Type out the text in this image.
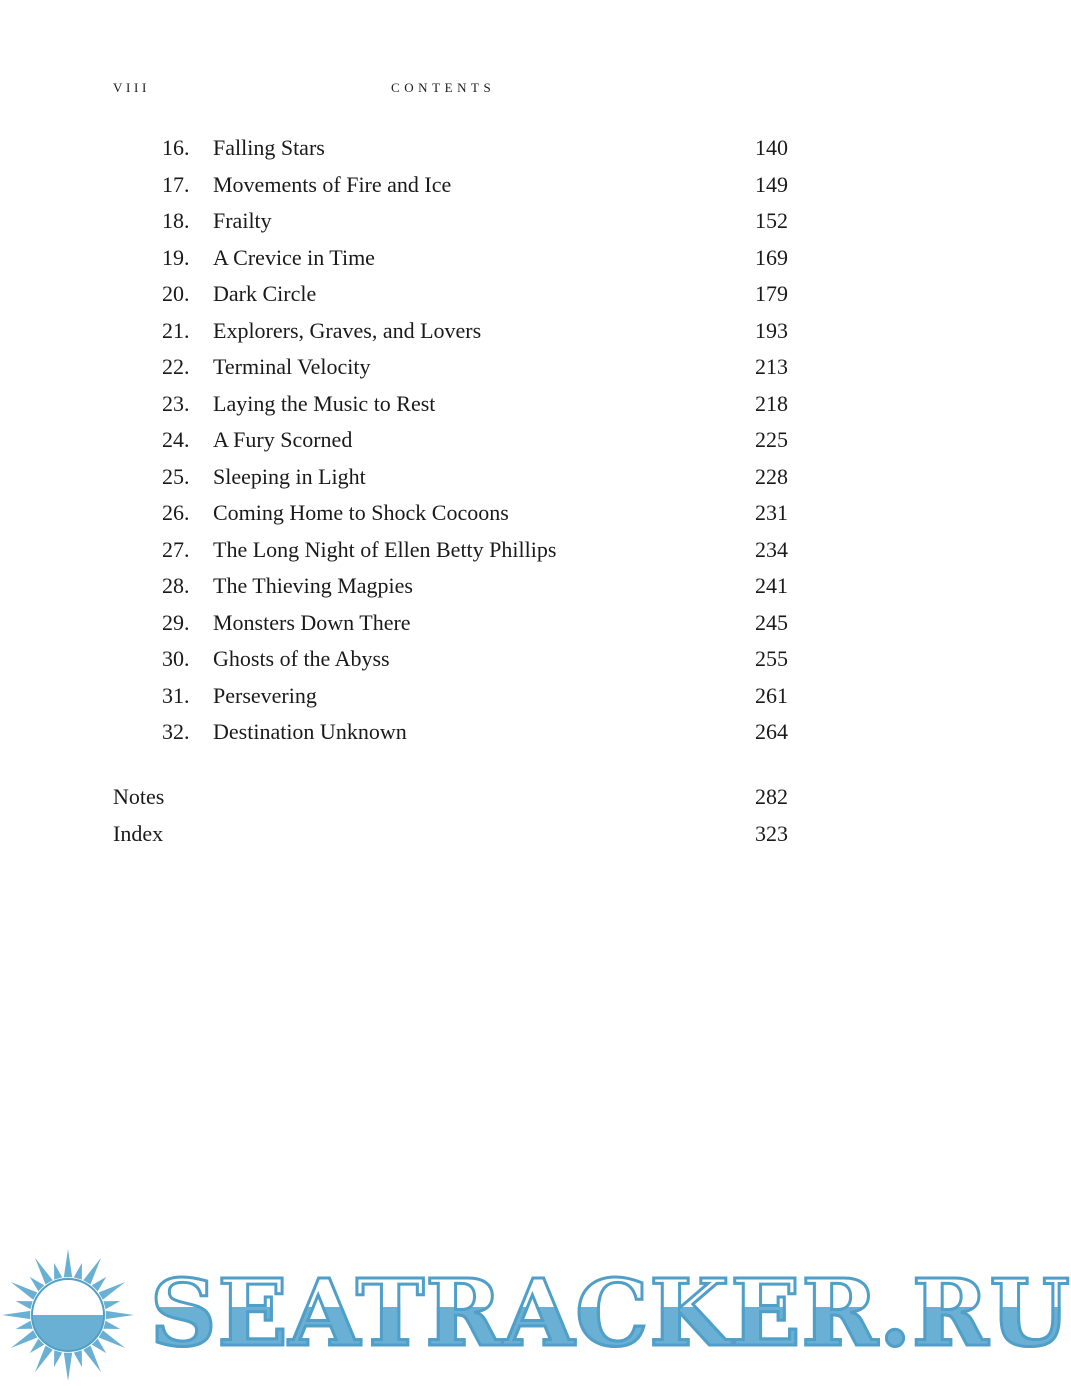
VIII	CONTENTS
16.	Falling Stars	140
17.	Movements of Fire and Ice	149
18.	Frailty	152
19.	A Crevice in Time	169
20.	Dark Circle	179
21.	Explorers, Graves, and Lovers	193
22.	Terminal Velocity	213
23.	Laying the Music to Rest	218
24.	A Fury Scorned	225
25.	Sleeping in Light	228
26.	Coming Home to Shock Cocoons	231
27.	The Long Night of Ellen Betty Phillips	234
28.	The Thieving Magpies	241
29.	Monsters Down There	245
30.	Ghosts of the Abyss	255
31.	Persevering	261
32.	Destination Unknown	264
Notes	282
Index	323
SEATRACKER.RU
